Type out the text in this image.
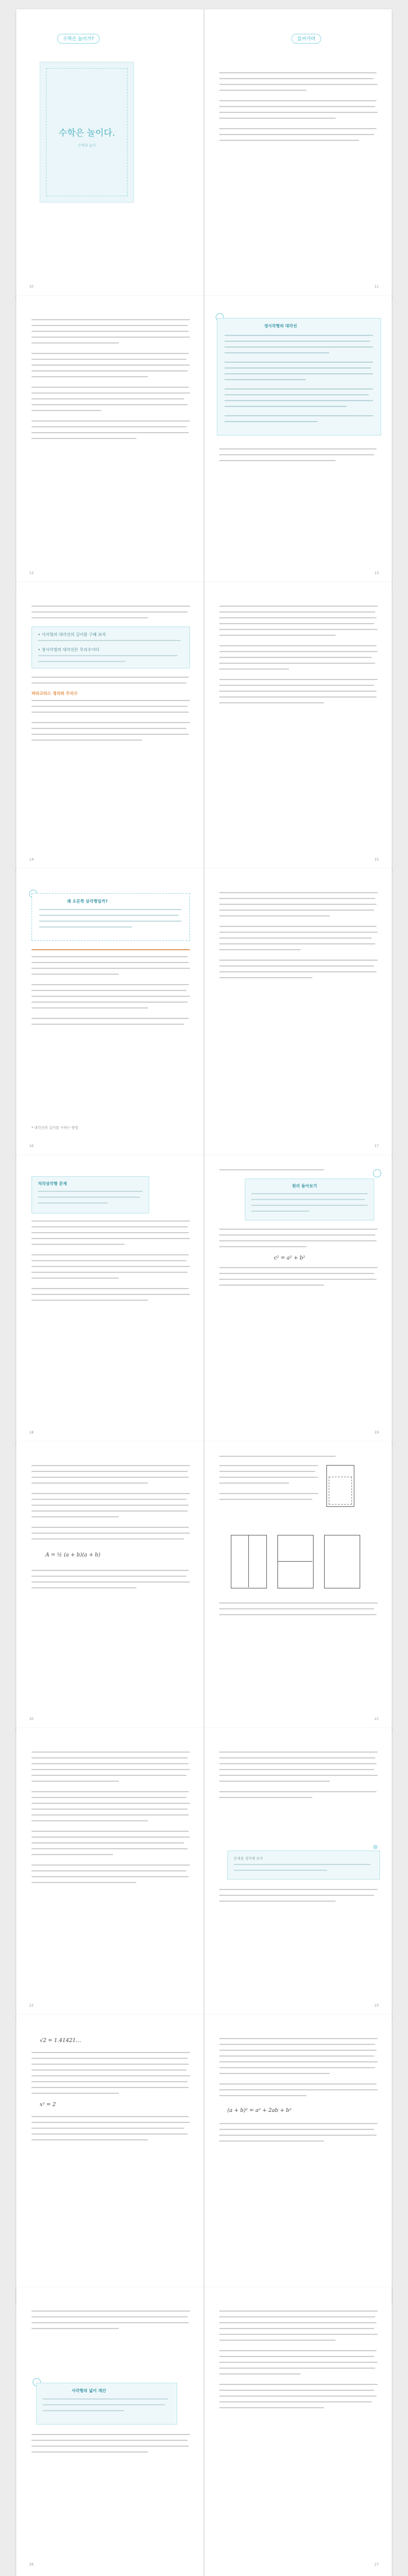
수학은 놀이가?
수학은 놀이다.
수학과 놀이
10
들어가며
11
12
정사각형의 대각선
13
• 사각형의 대각선의 길이를 구해 보자
• 정사각형의 대각선은 무리수이다
피타고라스 정리와 무리수
14	15
왜 오른쪽 삼각형일까?
* 대각선의 길이를 구하는 방법
16	17
직각삼각형 문제
18
원리 돌아보기
c² = a² + b²
19
A = ½ (a + b)(a + b)
20	21
22
문제를 생각해 보자
23
√2 = 1.41421…
x² = 2
(a + b)² = a² + 2ab + b²
사각형의 넓이 계산
26	27
